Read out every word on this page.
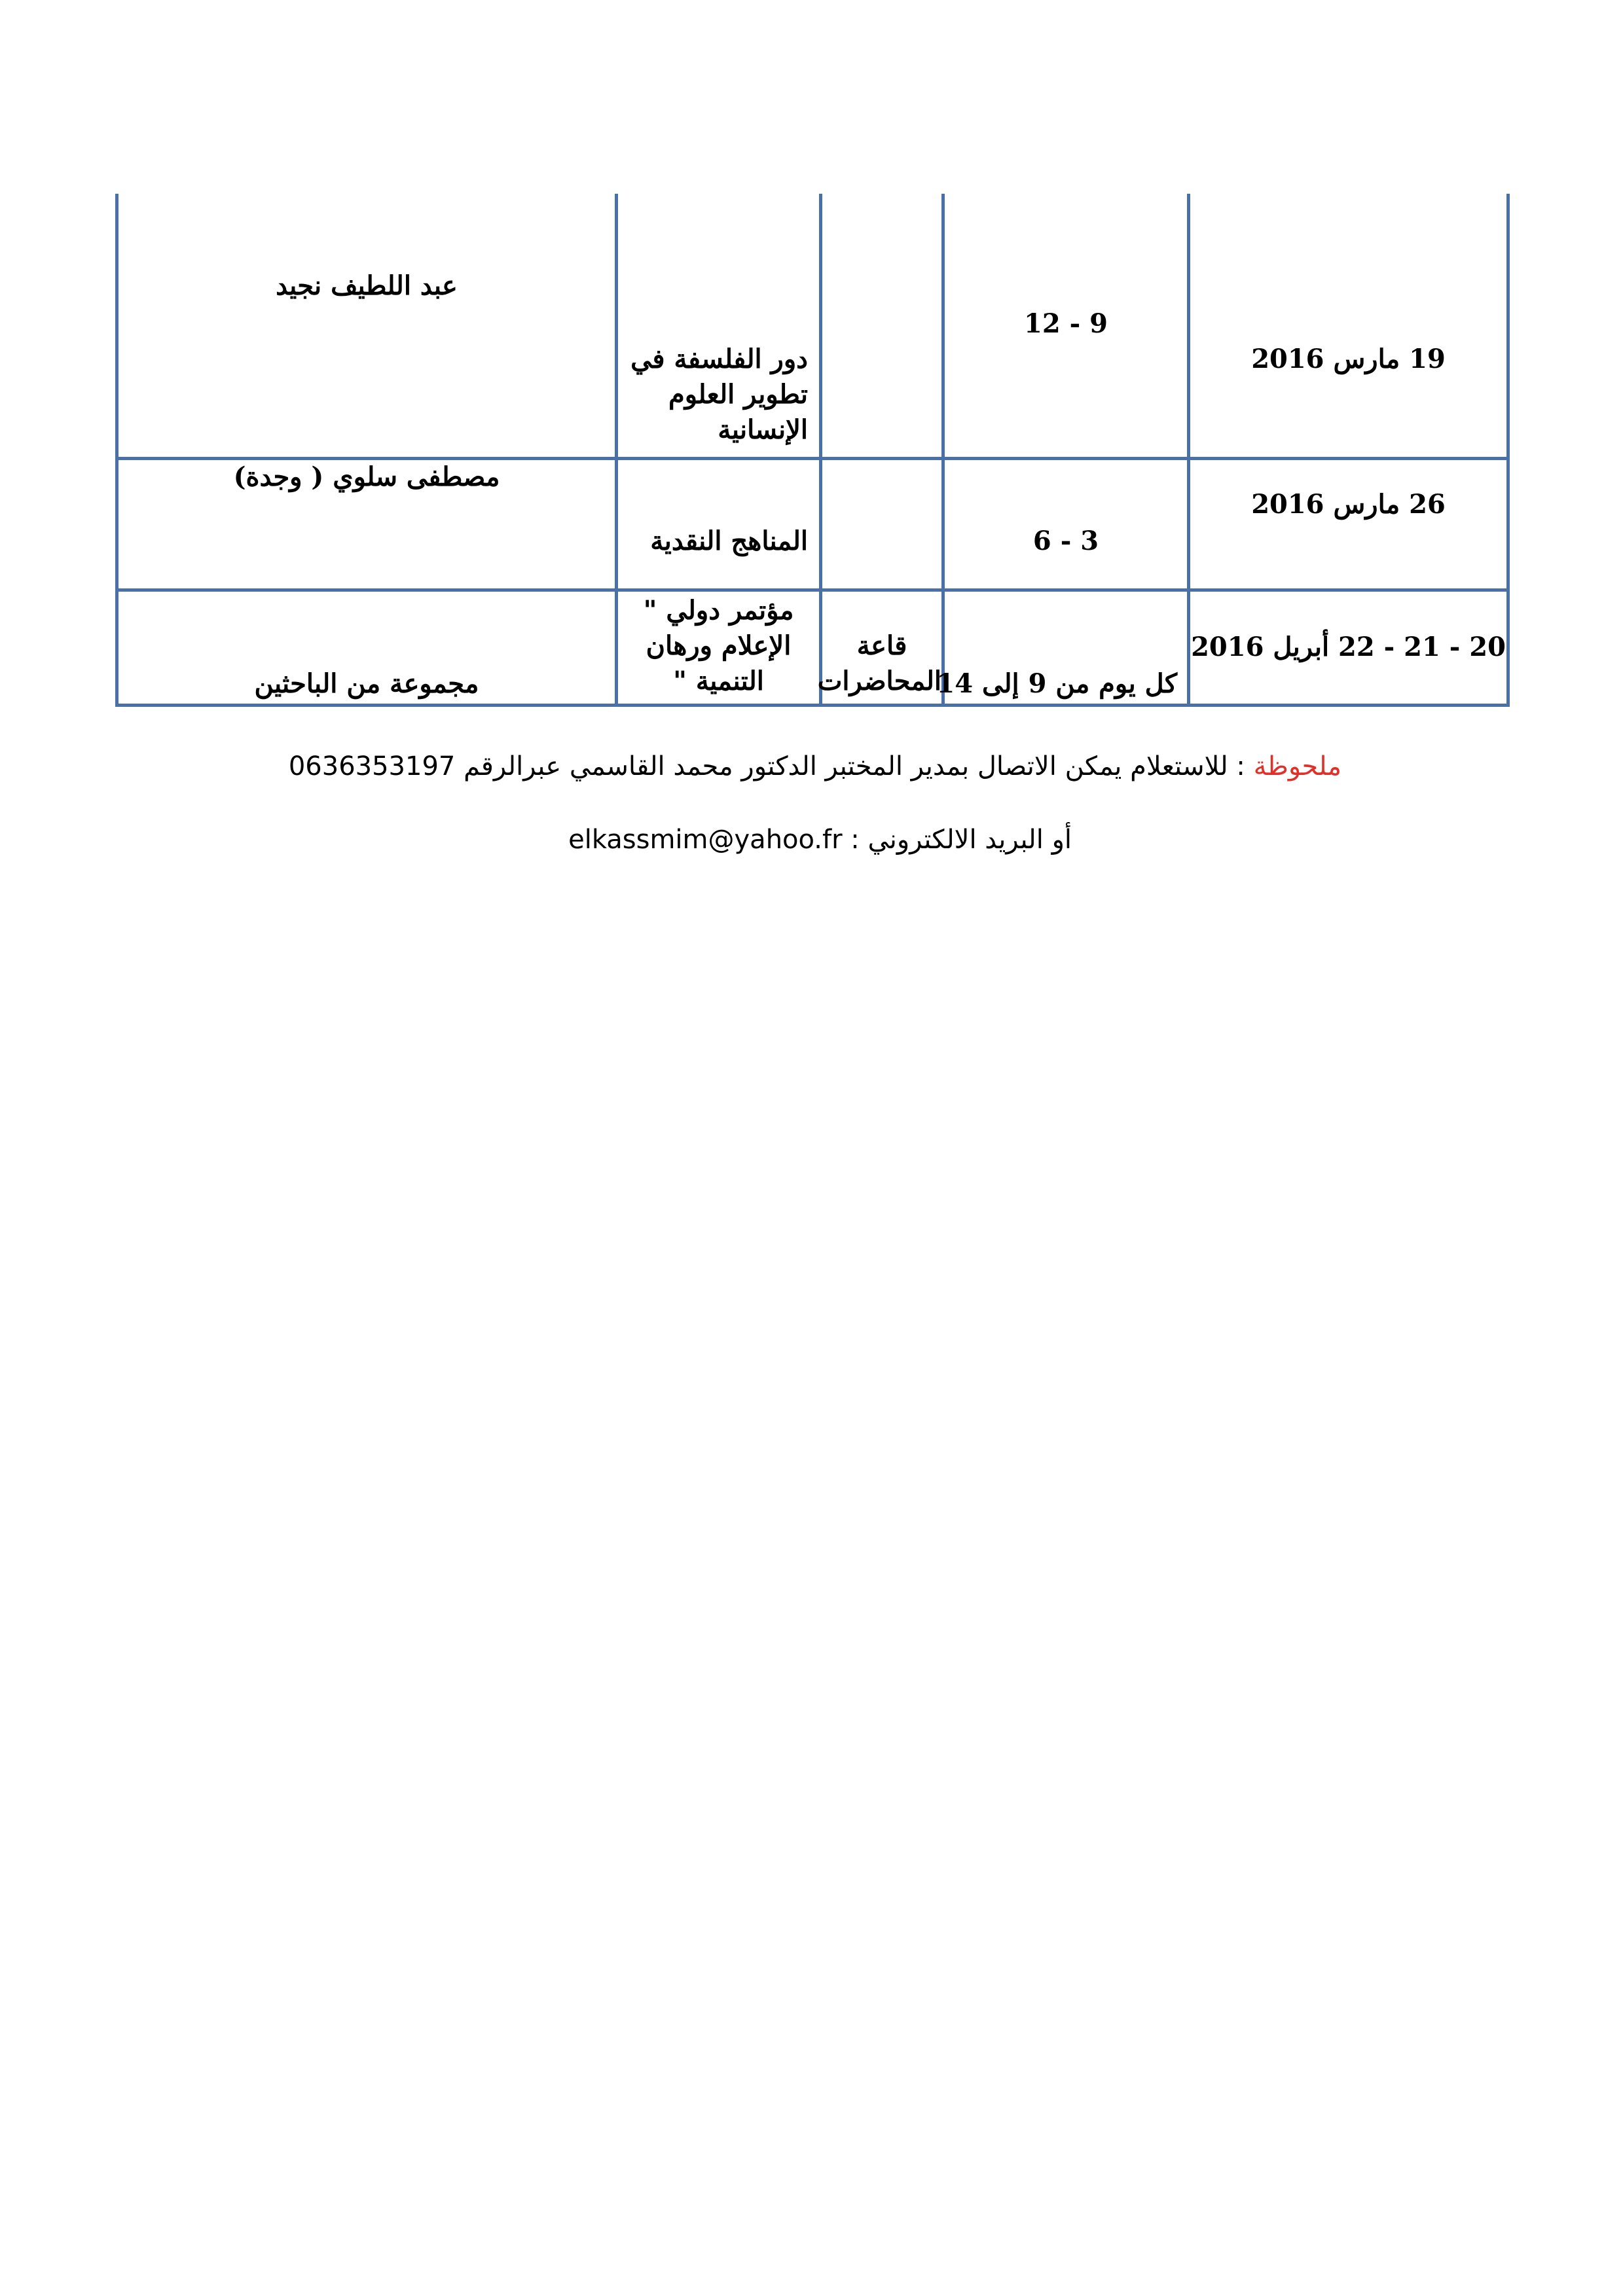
19 مارس 2016
9 - 12
دور الفلسفة في
تطوير العلوم
الإنسانية
عبد اللطيف نجيد
26 مارس 2016
3 - 6
المناهج النقدية
مصطفى سلوي ( وجدة)
20 - 21 - 22 أبريل 2016
كل يوم من 9 إلى 14
قاعة
المحاضرات
مؤتمر دولي "
الإعلام ورهان
التنمية "
مجموعة من الباحثين
ملحوظة : للاستعلام يمكن الاتصال بمدير المختبر الدكتور محمد القاسمي عبرالرقم 0636353197
أو البريد الالكتروني : elkassmim@yahoo.fr
